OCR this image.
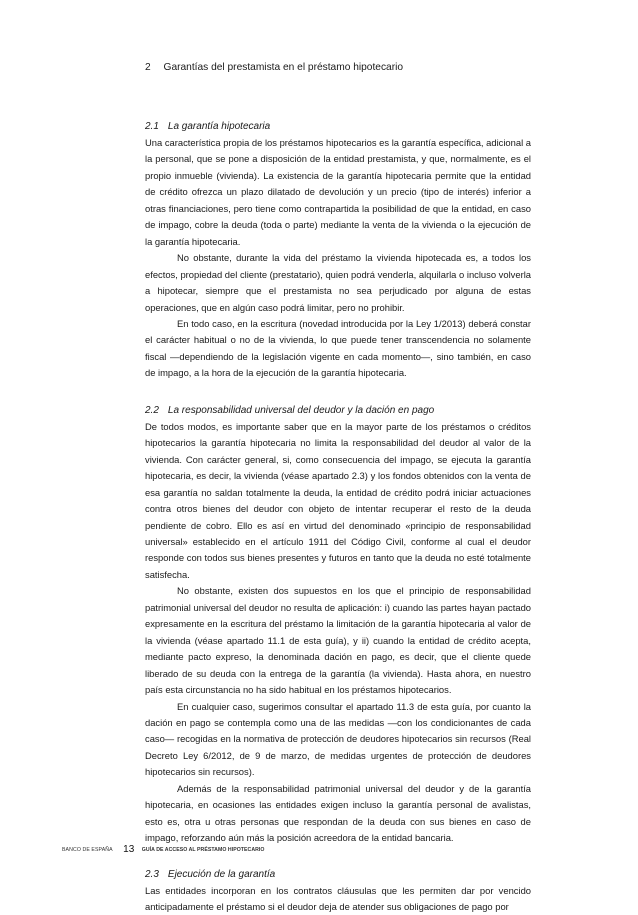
2 Garantías del prestamista en el préstamo hipotecario
2.1 La garantía hipotecaria

Una característica propia de los préstamos hipotecarios es la garantía específica, adicional a la personal, que se pone a disposición de la entidad prestamista, y que, normalmente, es el propio inmueble (vivienda). La existencia de la garantía hipotecaria permite que la entidad de crédito ofrezca un plazo dilatado de devolución y un precio (tipo de interés) inferior a otras financiaciones, pero tiene como contrapartida la posibilidad de que la entidad, en caso de impago, cobre la deuda (toda o parte) mediante la venta de la vivienda o la ejecución de la garantía hipotecaria.

No obstante, durante la vida del préstamo la vivienda hipotecada es, a todos los efectos, propiedad del cliente (prestatario), quien podrá venderla, alquilarla o incluso volverla a hipotecar, siempre que el prestamista no sea perjudicado por alguna de estas operaciones, que en algún caso podrá limitar, pero no prohibir.

En todo caso, en la escritura (novedad introducida por la Ley 1/2013) deberá constar el carácter habitual o no de la vivienda, lo que puede tener transcendencia no solamente fiscal —dependiendo de la legislación vigente en cada momento—, sino también, en caso de impago, a la hora de la ejecución de la garantía hipotecaria.

2.2 La responsabilidad universal del deudor y la dación en pago

De todos modos, es importante saber que en la mayor parte de los préstamos o créditos hipotecarios la garantía hipotecaria no limita la responsabilidad del deudor al valor de la vivienda. Con carácter general, si, como consecuencia del impago, se ejecuta la garantía hipotecaria, es decir, la vivienda (véase apartado 2.3) y los fondos obtenidos con la venta de esa garantía no saldan totalmente la deuda, la entidad de crédito podrá iniciar actuaciones contra otros bienes del deudor con objeto de intentar recuperar el resto de la deuda pendiente de cobro. Ello es así en virtud del denominado «principio de responsabilidad universal» establecido en el artículo 1911 del Código Civil, conforme al cual el deudor responde con todos sus bienes presentes y futuros en tanto que la deuda no esté totalmente satisfecha.

No obstante, existen dos supuestos en los que el principio de responsabilidad patrimonial universal del deudor no resulta de aplicación: i) cuando las partes hayan pactado expresamente en la escritura del préstamo la limitación de la garantía hipotecaria al valor de la vivienda (véase apartado 11.1 de esta guía), y ii) cuando la entidad de crédito acepta, mediante pacto expreso, la denominada dación en pago, es decir, que el cliente quede liberado de su deuda con la entrega de la garantía (la vivienda). Hasta ahora, en nuestro país esta circunstancia no ha sido habitual en los préstamos hipotecarios.

En cualquier caso, sugerimos consultar el apartado 11.3 de esta guía, por cuanto la dación en pago se contempla como una de las medidas —con los condicionantes de cada caso— recogidas en la normativa de protección de deudores hipotecarios sin recursos (Real Decreto Ley 6/2012, de 9 de marzo, de medidas urgentes de protección de deudores hipotecarios sin recursos).

Además de la responsabilidad patrimonial universal del deudor y de la garantía hipotecaria, en ocasiones las entidades exigen incluso la garantía personal de avalistas, esto es, otra u otras personas que respondan de la deuda con sus bienes en caso de impago, reforzando aún más la posición acreedora de la entidad bancaria.

2.3 Ejecución de la garantía

Las entidades incorporan en los contratos cláusulas que les permiten dar por vencido anticipadamente el préstamo si el deudor deja de atender sus obligaciones de pago por

BANCO DE ESPAÑA 13 GUÍA DE ACCESO AL PRÉSTAMO HIPOTECARIO
